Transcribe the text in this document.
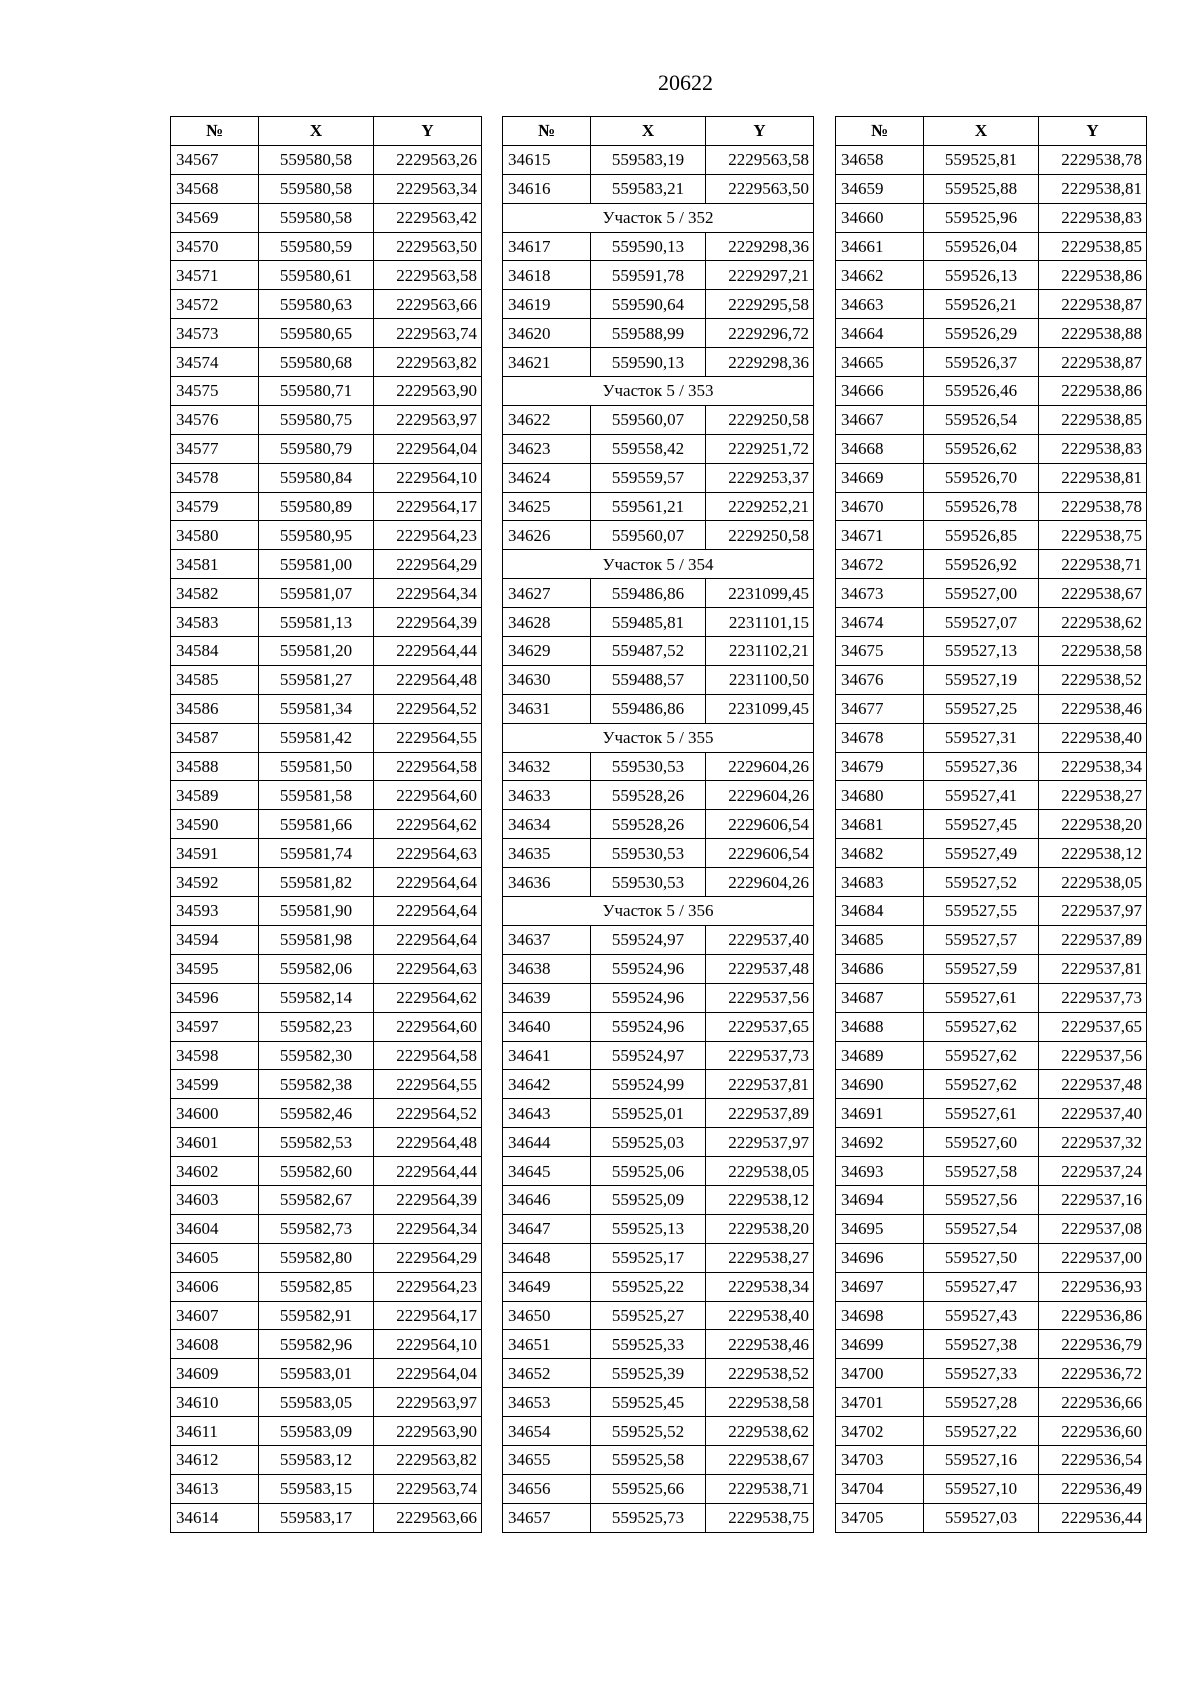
20622
№	X	Y
34567	559580,58	2229563,26
34568	559580,58	2229563,34
34569	559580,58	2229563,42
34570	559580,59	2229563,50
34571	559580,61	2229563,58
34572	559580,63	2229563,66
34573	559580,65	2229563,74
34574	559580,68	2229563,82
34575	559580,71	2229563,90
34576	559580,75	2229563,97
34577	559580,79	2229564,04
34578	559580,84	2229564,10
34579	559580,89	2229564,17
34580	559580,95	2229564,23
34581	559581,00	2229564,29
34582	559581,07	2229564,34
34583	559581,13	2229564,39
34584	559581,20	2229564,44
34585	559581,27	2229564,48
34586	559581,34	2229564,52
34587	559581,42	2229564,55
34588	559581,50	2229564,58
34589	559581,58	2229564,60
34590	559581,66	2229564,62
34591	559581,74	2229564,63
34592	559581,82	2229564,64
34593	559581,90	2229564,64
34594	559581,98	2229564,64
34595	559582,06	2229564,63
34596	559582,14	2229564,62
34597	559582,23	2229564,60
34598	559582,30	2229564,58
34599	559582,38	2229564,55
34600	559582,46	2229564,52
34601	559582,53	2229564,48
34602	559582,60	2229564,44
34603	559582,67	2229564,39
34604	559582,73	2229564,34
34605	559582,80	2229564,29
34606	559582,85	2229564,23
34607	559582,91	2229564,17
34608	559582,96	2229564,10
34609	559583,01	2229564,04
34610	559583,05	2229563,97
34611	559583,09	2229563,90
34612	559583,12	2229563,82
34613	559583,15	2229563,74
34614	559583,17	2229563,66
№	X	Y
34615	559583,19	2229563,58
34616	559583,21	2229563,50
Участок 5 / 352		
34617	559590,13	2229298,36
34618	559591,78	2229297,21
34619	559590,64	2229295,58
34620	559588,99	2229296,72
34621	559590,13	2229298,36
Участок 5 / 353		
34622	559560,07	2229250,58
34623	559558,42	2229251,72
34624	559559,57	2229253,37
34625	559561,21	2229252,21
34626	559560,07	2229250,58
Участок 5 / 354		
34627	559486,86	2231099,45
34628	559485,81	2231101,15
34629	559487,52	2231102,21
34630	559488,57	2231100,50
34631	559486,86	2231099,45
Участок 5 / 355		
34632	559530,53	2229604,26
34633	559528,26	2229604,26
34634	559528,26	2229606,54
34635	559530,53	2229606,54
34636	559530,53	2229604,26
Участок 5 / 356		
34637	559524,97	2229537,40
34638	559524,96	2229537,48
34639	559524,96	2229537,56
34640	559524,96	2229537,65
34641	559524,97	2229537,73
34642	559524,99	2229537,81
34643	559525,01	2229537,89
34644	559525,03	2229537,97
34645	559525,06	2229538,05
34646	559525,09	2229538,12
34647	559525,13	2229538,20
34648	559525,17	2229538,27
34649	559525,22	2229538,34
34650	559525,27	2229538,40
34651	559525,33	2229538,46
34652	559525,39	2229538,52
34653	559525,45	2229538,58
34654	559525,52	2229538,62
34655	559525,58	2229538,67
34656	559525,66	2229538,71
34657	559525,73	2229538,75
№	X	Y
34658	559525,81	2229538,78
34659	559525,88	2229538,81
34660	559525,96	2229538,83
34661	559526,04	2229538,85
34662	559526,13	2229538,86
34663	559526,21	2229538,87
34664	559526,29	2229538,88
34665	559526,37	2229538,87
34666	559526,46	2229538,86
34667	559526,54	2229538,85
34668	559526,62	2229538,83
34669	559526,70	2229538,81
34670	559526,78	2229538,78
34671	559526,85	2229538,75
34672	559526,92	2229538,71
34673	559527,00	2229538,67
34674	559527,07	2229538,62
34675	559527,13	2229538,58
34676	559527,19	2229538,52
34677	559527,25	2229538,46
34678	559527,31	2229538,40
34679	559527,36	2229538,34
34680	559527,41	2229538,27
34681	559527,45	2229538,20
34682	559527,49	2229538,12
34683	559527,52	2229538,05
34684	559527,55	2229537,97
34685	559527,57	2229537,89
34686	559527,59	2229537,81
34687	559527,61	2229537,73
34688	559527,62	2229537,65
34689	559527,62	2229537,56
34690	559527,62	2229537,48
34691	559527,61	2229537,40
34692	559527,60	2229537,32
34693	559527,58	2229537,24
34694	559527,56	2229537,16
34695	559527,54	2229537,08
34696	559527,50	2229537,00
34697	559527,47	2229536,93
34698	559527,43	2229536,86
34699	559527,38	2229536,79
34700	559527,33	2229536,72
34701	559527,28	2229536,66
34702	559527,22	2229536,60
34703	559527,16	2229536,54
34704	559527,10	2229536,49
34705	559527,03	2229536,44
